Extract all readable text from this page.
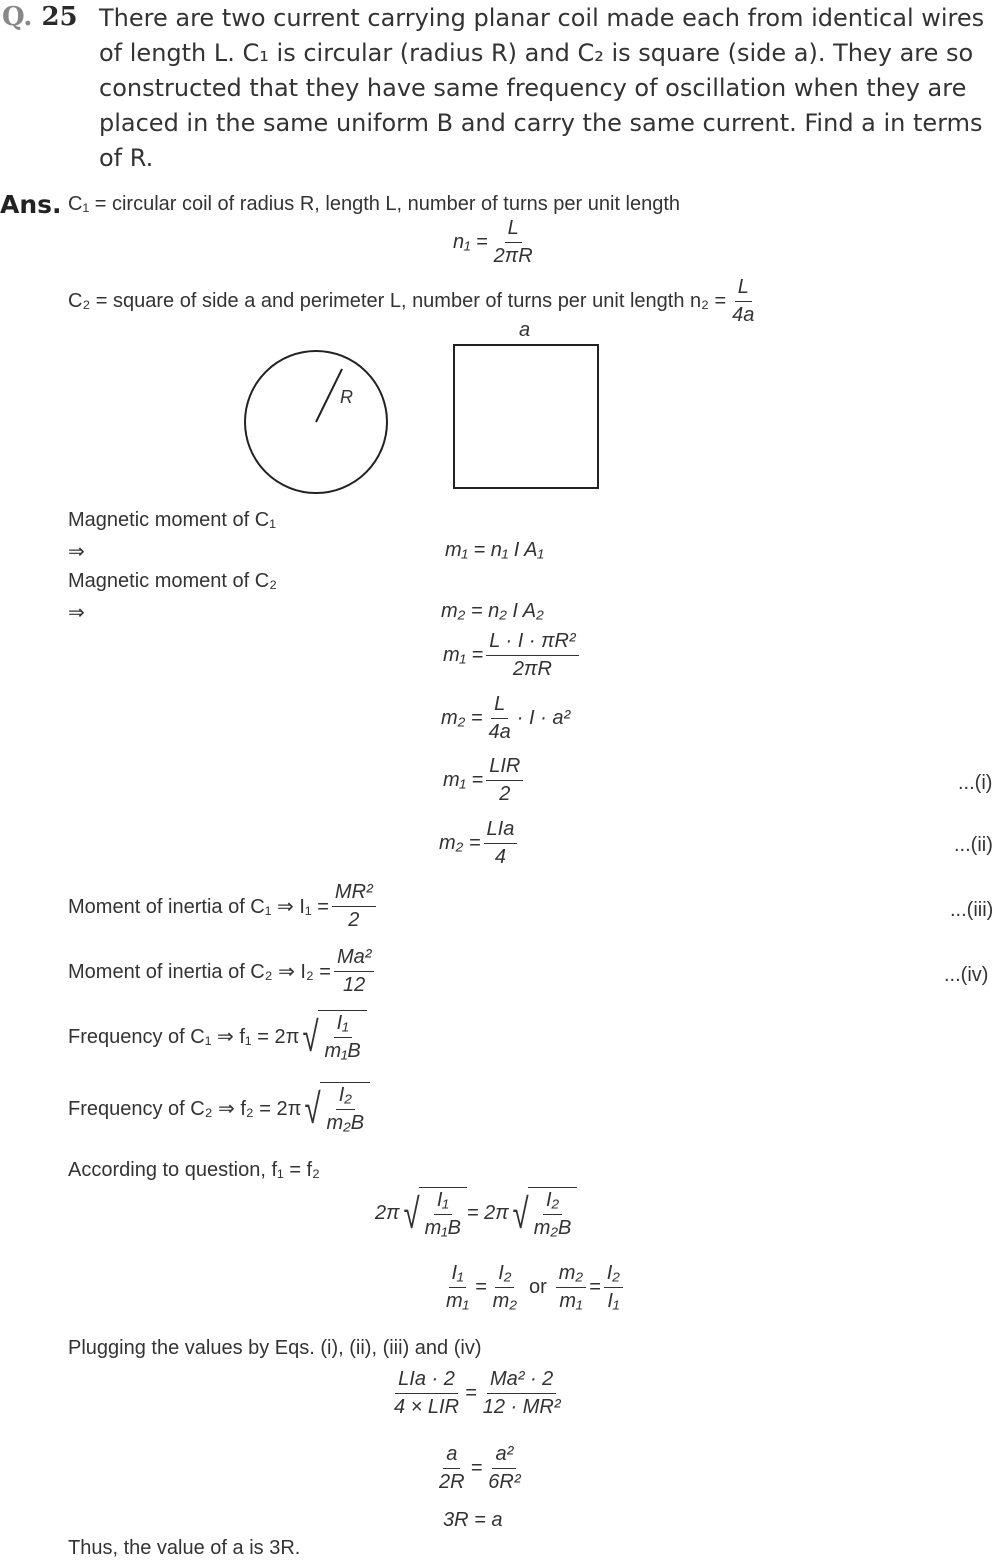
Q. 25 There are two current carrying planar coil made each from identical wires
of length L. C₁ is circular (radius R) and C₂ is square (side a). They are so
constructed that they have same frequency of oscillation when they are
placed in the same uniform B and carry the same current. Find a in terms
of R.
Ans. C₁ = circular coil of radius R, length L, number of turns per unit length
$n_1 = \frac{L}{2\pi R}$
C₂ = square of side a and perimeter L, number of turns per unit length $n_2 = \frac{L}{4a}$
R
a
Magnetic moment of C₁
⇒	m₁ = n₁ I A₁
Magnetic moment of C₂
⇒	m₂ = n₂ I A₂
$m_1 = \frac{\text{L · I · πR²}}{2\pi R}$
$m_2 = \frac{L}{4a} \cdot I \cdot a^2$
$m_1 = \frac{\text{LIR}}{2}$	...(i)
$m_2 = \frac{\text{LIa}}{4}$	...(ii)
Moment of inertia of C₁ ⇒ $I_1 = \frac{\text{MR²}}{2}$	...(iii)
Moment of inertia of C₂ ⇒ $I_2 = \frac{\text{Ma²}}{12}$	...(iv)
Frequency of C₁ ⇒ f₁ = 2π √ $\frac{\text{I₁}}{\text{m₁B}}$
Frequency of C₂ ⇒ f₂ = 2π √ $\frac{\text{I₂}}{\text{m₂B}}$
According to question, f₁ = f₂
2π √ $\frac{\text{I₁}}{\text{m₁B}} = 2\pi$ √ $\frac{\text{I₂}}{\text{m₂B}}$
$\frac{\text{I₁}}{\text{m₁}} = \frac{\text{I₂}}{\text{m₂}}$ or $\frac{\text{m₂}}{\text{m₁}} = \frac{\text{I₂}}{\text{I₁}}$
Plugging the values by Eqs. (i), (ii), (iii) and (iv)
$\frac{\text{LIa · 2}}{\text{4 × LIR}} = \frac{\text{Ma² · 2}}{\text{12 · MR²}}$
$\frac{a}{2R} = \frac{\text{a²}}{\text{6R²}}$
3R = a
Thus, the value of a is 3R.
